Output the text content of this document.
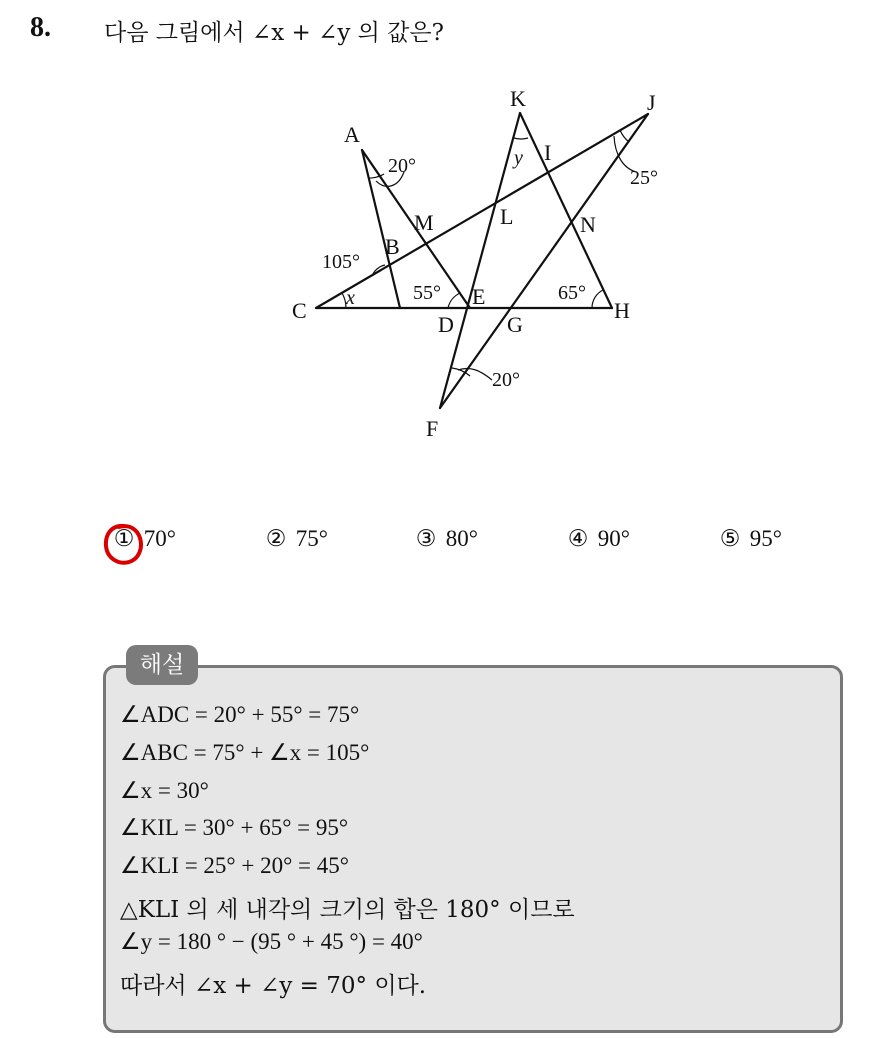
8. 다음 그림에서 ∠x + ∠y 의 값은?
A
B
C
D
E
F
G
H
I
J
K
L
M	N
20°
25°
105°
55°	65°
20°
x
y
① 70°	② 75°	③ 80°	④ 90°	⑤ 95°
해설
∠ADC = 20° + 55° = 75°
∠ABC = 75° + ∠x = 105°
∠x = 30°
∠KIL = 30° + 65° = 95°
∠KLI = 25° + 20° = 45°
△KLI 의 세 내각의 크기의 합은 180° 이므로
∠y = 180 ° − (95 ° + 45 °) = 40°
따라서 ∠x + ∠y = 70° 이다.
